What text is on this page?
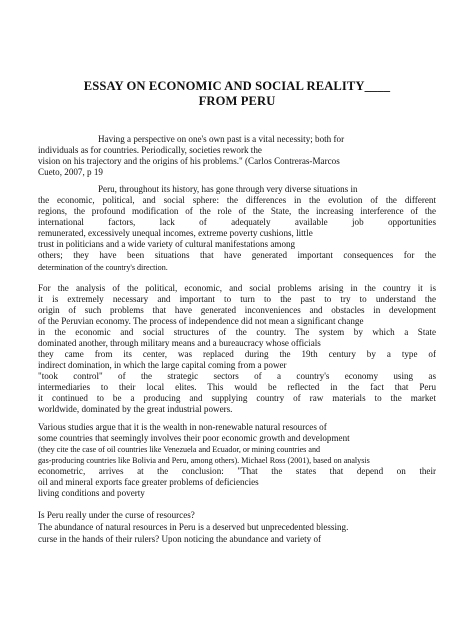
ESSAY ON ECONOMIC AND SOCIAL REALITY____
FROM PERU
Having a perspective on one's own past is a vital necessity; both for
individuals as for countries. Periodically, societies rework the
vision on his trajectory and the origins of his problems." (Carlos Contreras-Marcos
Cueto, 2007, p 19
Peru, throughout its history, has gone through very diverse situations in
the economic, political, and social sphere: the differences in the evolution of the different
regions, the profound modification of the role of the State, the increasing interference of the
international factors, lack of adequately available job opportunities
remunerated, excessively unequal incomes, extreme poverty cushions, little
trust in politicians and a wide variety of cultural manifestations among
others; they have been situations that have generated important consequences for the
determination of the country's direction.
For the analysis of the political, economic, and social problems arising in the country it is
it is extremely necessary and important to turn to the past to try to understand the
origin of such problems that have generated inconveniences and obstacles in development
of the Peruvian economy. The process of independence did not mean a significant change
in the economic and social structures of the country. The system by which a State
dominated another, through military means and a bureaucracy whose officials
they came from its center, was replaced during the 19th century by a type of
indirect domination, in which the large capital coming from a power
"took control" of the strategic sectors of a country's economy using as
intermediaries to their local elites. This would be reflected in the fact that Peru
it continued to be a producing and supplying country of raw materials to the market
worldwide, dominated by the great industrial powers.
Various studies argue that it is the wealth in non-renewable natural resources of
some countries that seemingly involves their poor economic growth and development
(they cite the case of oil countries like Venezuela and Ecuador, or mining countries and
gas-producing countries like Bolivia and Peru, among others). Michael Ross (2001), based on analysis
econometric, arrives at the conclusion: "That the states that depend on their
oil and mineral exports face greater problems of deficiencies
living conditions and poverty
Is Peru really under the curse of resources?
The abundance of natural resources in Peru is a deserved but unprecedented blessing.
curse in the hands of their rulers? Upon noticing the abundance and variety of
